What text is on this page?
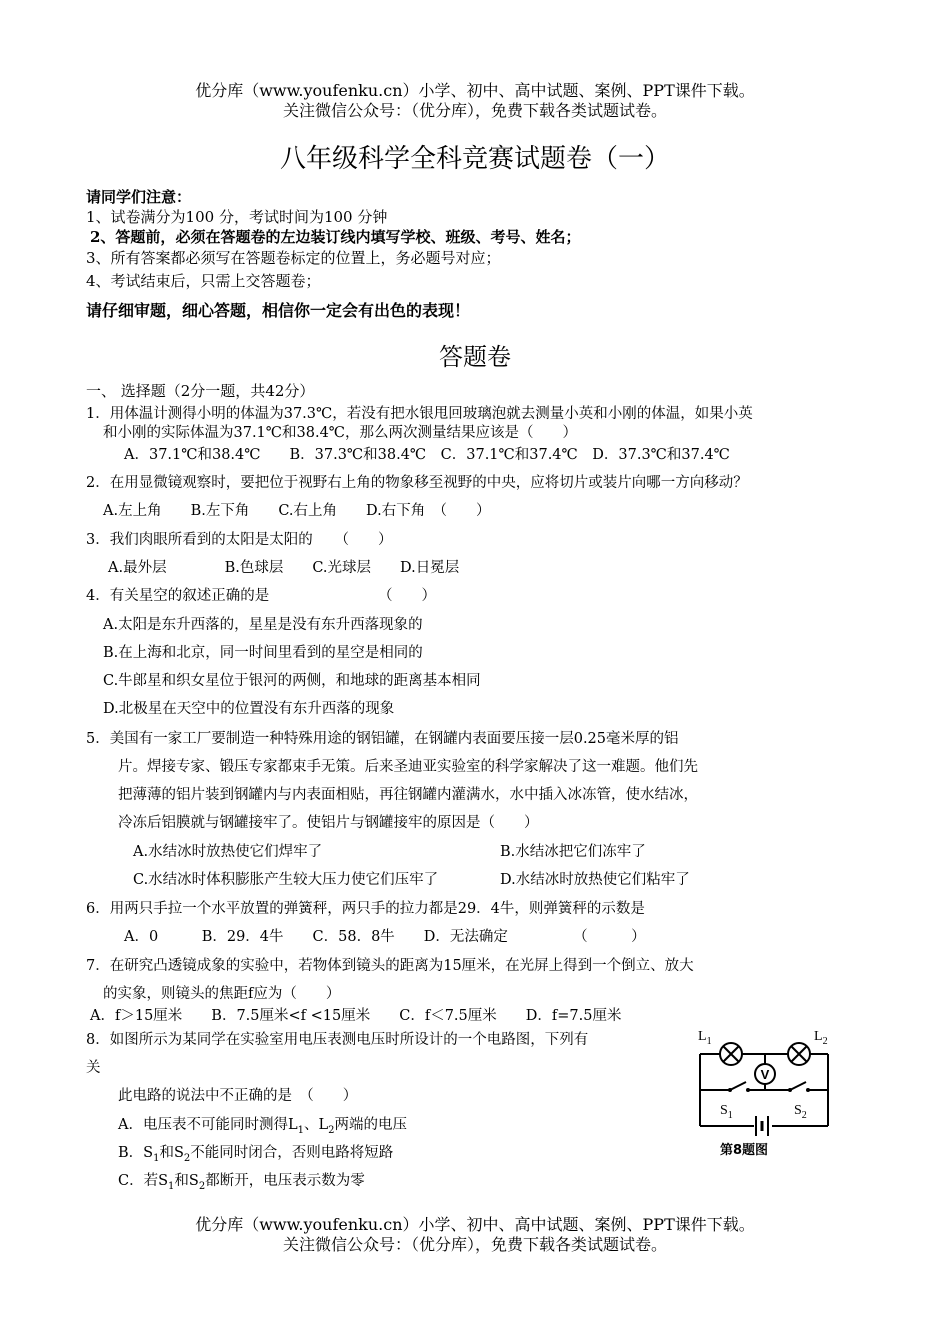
优分库（www.youfenku.cn）小学、初中、高中试题、案例、PPT课件下载。
关注微信公众号：（优分库），免费下载各类试题试卷。
八年级科学全科竞赛试题卷（一）
请同学们注意：
1、试卷满分为100 分，考试时间为100 分钟
2、答题前，必须在答题卷的左边装订线内填写学校、班级、考号、姓名；
3、所有答案都必须写在答题卷标定的位置上，务必题号对应；
4、考试结束后，只需上交答题卷；
请仔细审题，细心答题，相信你一定会有出色的表现！
答题卷
一、 选择题（2分一题，共42分）
1．用体温计测得小明的体温为37.3℃，若没有把水银甩回玻璃泡就去测量小英和小刚的体温，如果小英
和小刚的实际体温为37.1℃和38.4℃，那么两次测量结果应该是（　　）
A．37.1℃和38.4℃　　B．37.3℃和38.4℃　C．37.1℃和37.4℃　D．37.3℃和37.4℃
2．在用显微镜观察时，要把位于视野右上角的物象移至视野的中央，应将切片或装片向哪一方向移动？
A.左上角　　B.左下角　　C.右上角　　D.右下角　（　　）
3．我们肉眼所看到的太阳是太阳的　　（　　）
A.最外层　　　　B.色球层　　C.光球层　　D.日冕层
4．有关星空的叙述正确的是　　　　　　　　（　　）
A.太阳是东升西落的，星星是没有东升西落现象的
B.在上海和北京，同一时间里看到的星空是相同的
C.牛郎星和织女星位于银河的两侧，和地球的距离基本相同
D.北极星在天空中的位置没有东升西落的现象
5．美国有一家工厂要制造一种特殊用途的钢铝罐，在钢罐内表面要压接一层0.25毫米厚的铝
片。焊接专家、锻压专家都束手无策。后来圣迪亚实验室的科学家解决了这一难题。他们先
把薄薄的铝片装到钢罐内与内表面相贴，再往钢罐内灌满水，水中插入冰冻管，使水结冰，
冷冻后铝膜就与钢罐接牢了。使铝片与钢罐接牢的原因是（　　）
A.水结冰时放热使它们焊牢了	B.水结冰把它们冻牢了
C.水结冰时体积膨胀产生较大压力使它们压牢了	D.水结冰时放热使它们粘牢了
6．用两只手拉一个水平放置的弹簧秤，两只手的拉力都是29．4牛，则弹簧秤的示数是
A．0　　　B．29．4牛　　C．58．8牛　　D．无法确定　　　　　（　　　）
7．在研究凸透镜成象的实验中，若物体到镜头的距离为15厘米，在光屏上得到一个倒立、放大
的实象，则镜头的焦距f应为（　　）
A．f＞15厘米　　B．7.5厘米<f <15厘米　　C．f＜7.5厘米　　D．f=7.5厘米
8．如图所示为某同学在实验室用电压表测电压时所设计的一个电路图，下列有
关
此电路的说法中不正确的是　（　　）
A．电压表不可能同时测得$L_1$、$L_2$两端的电压
B．$S_1$和$S_2$不能同时闭合，否则电路将短路
C．若$S_1$和$S_2$都断开，电压表示数为零
V
$L_1$	$L_2$
$S_1$	$S_2$
第8题图
优分库（www.youfenku.cn）小学、初中、高中试题、案例、PPT课件下载。
关注微信公众号：（优分库），免费下载各类试题试卷。
